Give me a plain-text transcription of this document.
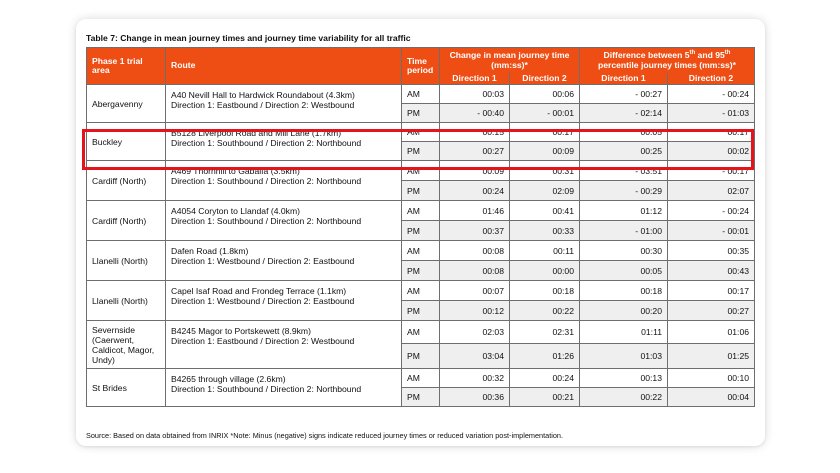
Table 7: Change in mean journey times and journey time variability for all traffic
Phase 1 trial area	Route	Time period	Change in mean journey time (mm:ss)*		Difference between 5th and 95th percentile journey times (mm:ss)*	
			Direction 1	Direction 2	Direction 1	Direction 2
Abergavenny	A40 Nevill Hall to Hardwick Roundabout (4.3km)
Direction 1: Eastbound / Direction 2: Westbound	AM	00:03	00:06	- 00:27	- 00:24
		PM	- 00:40	- 00:01	- 02:14	- 01:03
Buckley	B5128 Liverpool Road and Mill Lane (1.7km)
Direction 1: Southbound / Direction 2: Northbound	AM	00:15	00:17	00:05	00:17
		PM	00:27	00:09	00:25	00:02
Cardiff (North)	A469 Thornhill to Gabalfa (3.5km)
Direction 1: Southbound / Direction 2: Northbound	AM	00:09	00:31	- 03:51	- 00:17
		PM	00:24	02:09	- 00:29	02:07
Cardiff (North)	A4054 Coryton to Llandaf (4.0km)
Direction 1: Southbound / Direction 2: Northbound	AM	01:46	00:41	01:12	- 00:24
		PM	00:37	00:33	- 01:00	- 00:01
Llanelli (North)	Dafen Road (1.8km)
Direction 1: Westbound / Direction 2: Eastbound	AM	00:08	00:11	00:30	00:35
		PM	00:08	00:00	00:05	00:43
Llanelli (North)	Capel Isaf Road and Frondeg Terrace (1.1km)
Direction 1: Westbound / Direction 2: Eastbound	AM	00:07	00:18	00:18	00:17
		PM	00:12	00:22	00:20	00:27
Severnside (Caerwent, Caldicot, Magor, Undy)	B4245 Magor to Portskewett (8.9km)
Direction 1: Eastbound / Direction 2: Westbound	AM	02:03	02:31	01:11	01:06
		PM	03:04	01:26	01:03	01:25
St Brides	B4265 through village (2.6km)
Direction 1: Southbound / Direction 2: Northbound	AM	00:32	00:24	00:13	00:10
		PM	00:36	00:21	00:22	00:04
Source: Based on data obtained from INRIX *Note: Minus (negative) signs indicate reduced journey times or reduced variation post-implementation.
